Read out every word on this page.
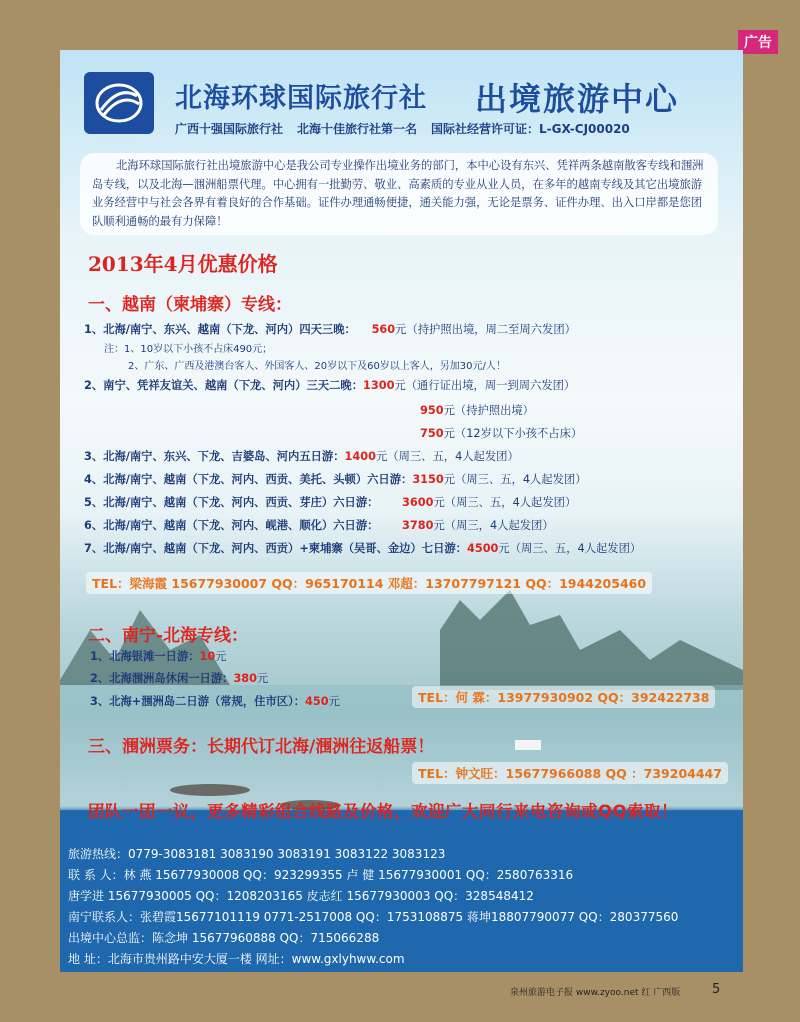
广告
北海环球国际旅行社 出境旅游中心
广西十强国际旅行社 北海十佳旅行社第一名 国际社经营许可证：L-GX-CJ00020
北海环球国际旅行社出境旅游中心是我公司专业操作出境业务的部门，本中心设有东兴、凭祥两条越南散客专线和涠洲岛专线，以及北海—涠洲船票代理。中心拥有一批勤劳、敬业、高素质的专业从业人员，在多年的越南专线及其它出境旅游业务经营中与社会各界有着良好的合作基础。证件办理通畅便捷，通关能力强，无论是票务、证件办理、出入口岸都是您团队顺利通畅的最有力保障！
2013年4月优惠价格
一、越南（柬埔寨）专线：
1、北海/南宁、东兴、越南（下龙、河内）四天三晚： 560元（持护照出境，周二至周六发团）
注：1、10岁以下小孩不占床490元；
2、广东、广西及港澳台客人、外国客人、20岁以下及60岁以上客人，另加30元/人！
2、南宁、凭祥友谊关、越南（下龙、河内）三天二晚：1300元（通行证出境，周一到周六发团）
950元（持护照出境）
750元（12岁以下小孩不占床）
3、北海/南宁、东兴、下龙、吉婆岛、河内五日游：1400元（周三、五，4人起发团）
4、北海/南宁、越南（下龙、河内、西贡、美托、头顿）六日游：3150元（周三、五，4人起发团）
5、北海/南宁、越南（下龙、河内、西贡、芽庄）六日游： 3600元（周三、五，4人起发团）
6、北海/南宁、越南（下龙、河内、岘港、顺化）六日游： 3780元（周三，4人起发团）
7、北海/南宁、越南（下龙、河内、西贡）+柬埔寨（吴哥、金边）七日游：4500元（周三、五，4人起发团）
TEL：梁海霞 15677930007 QQ：965170114 邓超：13707797121 QQ：1944205460
二、南宁-北海专线：
1、北海银滩一日游：10元
2、北海涠洲岛休闲一日游：380元
3、北海+涠洲岛二日游（常规，住市区）：450元	TEL：何 霖：13977930902 QQ：392422738
三、涠洲票务：长期代订北海/涠洲往返船票！
TEL：钟文旺：15677966088 QQ ：739204447
团队一团一议，更多精彩组合线路及价格，欢迎广大同行来电咨询或QQ索取！
旅游热线：0779-3083181 3083190 3083191 3083122 3083123
联 系 人：林 燕 15677930008 QQ：923299355 卢 健 15677930001 QQ：2580763316
唐学进 15677930005 QQ：1208203165 皮志红 15677930003 QQ：328548412
南宁联系人：张碧霞15677101119 0771-2517008 QQ：1753108875 蒋坤18807790077 QQ：280377560
出境中心总监：陈念坤 15677960888 QQ：715066288
地 址：北海市贵州路中安大厦一楼 网址：www.gxlyhww.com
泉州旅游电子报 www.zyoo.net 红 广西版 5
